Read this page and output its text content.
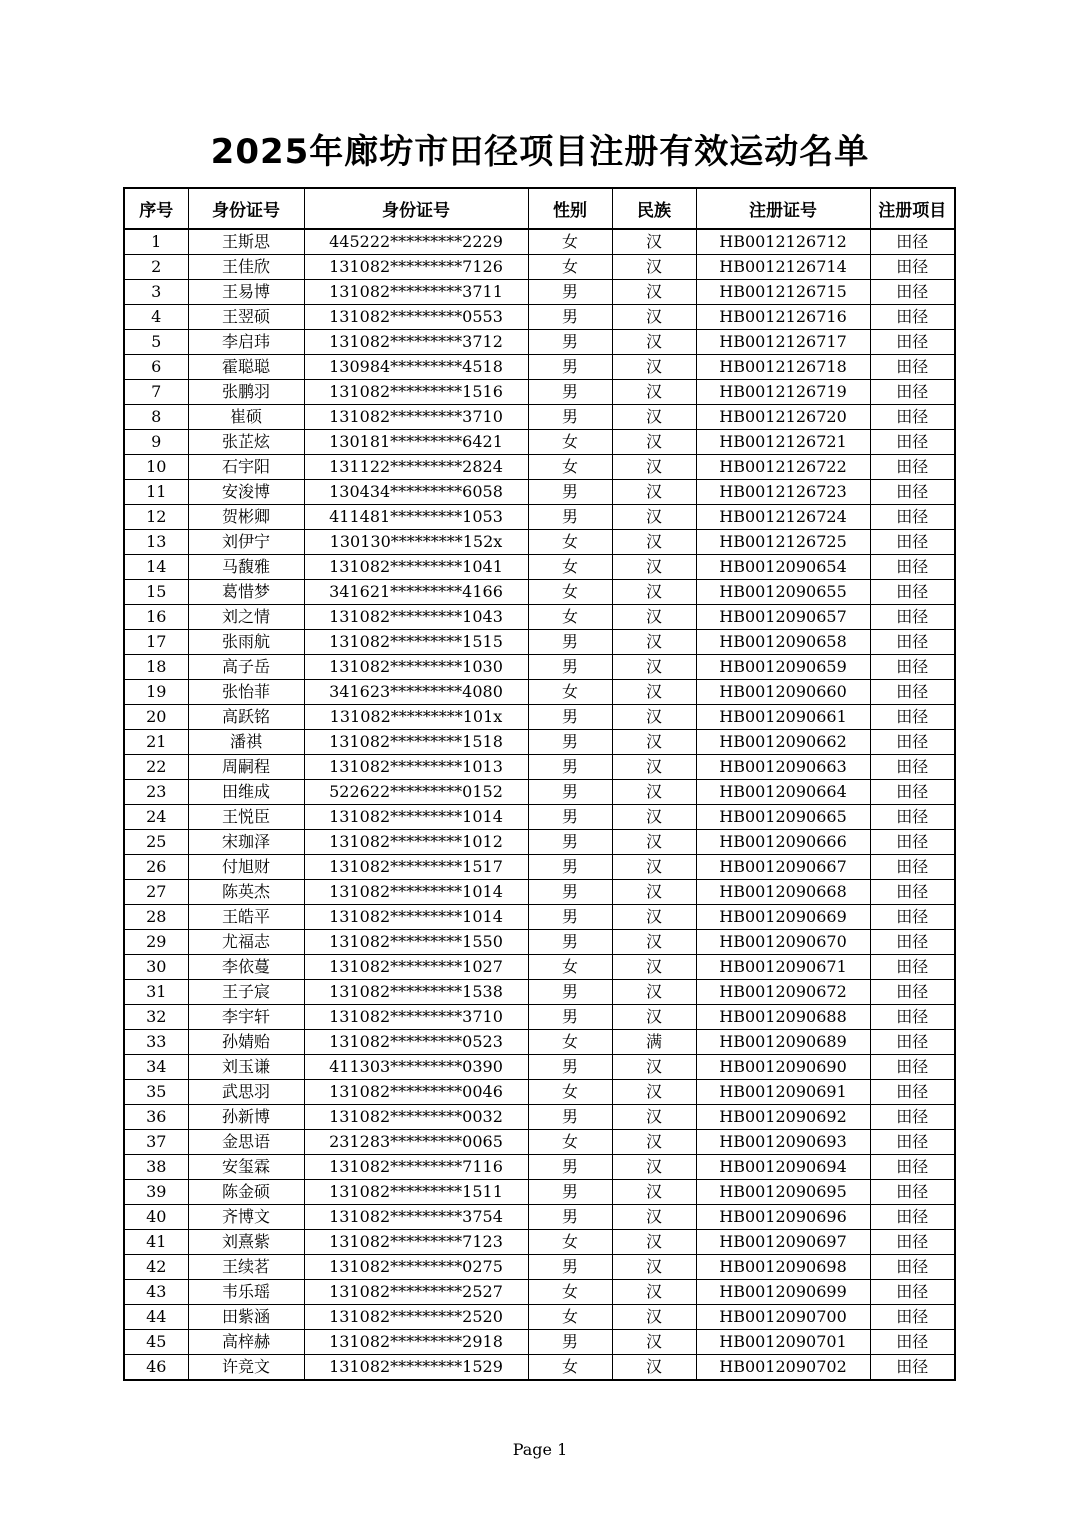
2025年廊坊市田径项目注册有效运动名单
序号	身份证号	身份证号	性别	民族	注册证号	注册项目
1	王斯思	445222*********2229	女	汉	HB0012126712	田径
2	王佳欣	131082*********7126	女	汉	HB0012126714	田径
3	王易博	131082*********3711	男	汉	HB0012126715	田径
4	王翌硕	131082*********0553	男	汉	HB0012126716	田径
5	李启玮	131082*********3712	男	汉	HB0012126717	田径
6	霍聪聪	130984*********4518	男	汉	HB0012126718	田径
7	张鹏羽	131082*********1516	男	汉	HB0012126719	田径
8	崔硕	131082*********3710	男	汉	HB0012126720	田径
9	张芷炫	130181*********6421	女	汉	HB0012126721	田径
10	石宇阳	131122*********2824	女	汉	HB0012126722	田径
11	安浚博	130434*********6058	男	汉	HB0012126723	田径
12	贺彬卿	411481*********1053	男	汉	HB0012126724	田径
13	刘伊宁	130130*********152x	女	汉	HB0012126725	田径
14	马馥雅	131082*********1041	女	汉	HB0012090654	田径
15	葛惜梦	341621*********4166	女	汉	HB0012090655	田径
16	刘之情	131082*********1043	女	汉	HB0012090657	田径
17	张雨航	131082*********1515	男	汉	HB0012090658	田径
18	高子岳	131082*********1030	男	汉	HB0012090659	田径
19	张怡菲	341623*********4080	女	汉	HB0012090660	田径
20	高跃铭	131082*********101x	男	汉	HB0012090661	田径
21	潘祺	131082*********1518	男	汉	HB0012090662	田径
22	周嗣程	131082*********1013	男	汉	HB0012090663	田径
23	田维成	522622*********0152	男	汉	HB0012090664	田径
24	王悦臣	131082*********1014	男	汉	HB0012090665	田径
25	宋珈泽	131082*********1012	男	汉	HB0012090666	田径
26	付旭财	131082*********1517	男	汉	HB0012090667	田径
27	陈英杰	131082*********1014	男	汉	HB0012090668	田径
28	王皓平	131082*********1014	男	汉	HB0012090669	田径
29	尤福志	131082*********1550	男	汉	HB0012090670	田径
30	李依蔓	131082*********1027	女	汉	HB0012090671	田径
31	王子宸	131082*********1538	男	汉	HB0012090672	田径
32	李宇轩	131082*********3710	男	汉	HB0012090688	田径
33	孙婧贻	131082*********0523	女	满	HB0012090689	田径
34	刘玉谦	411303*********0390	男	汉	HB0012090690	田径
35	武思羽	131082*********0046	女	汉	HB0012090691	田径
36	孙新博	131082*********0032	男	汉	HB0012090692	田径
37	金思语	231283*********0065	女	汉	HB0012090693	田径
38	安玺霖	131082*********7116	男	汉	HB0012090694	田径
39	陈金硕	131082*********1511	男	汉	HB0012090695	田径
40	齐博文	131082*********3754	男	汉	HB0012090696	田径
41	刘熹紫	131082*********7123	女	汉	HB0012090697	田径
42	王续茗	131082*********0275	男	汉	HB0012090698	田径
43	韦乐瑶	131082*********2527	女	汉	HB0012090699	田径
44	田紫涵	131082*********2520	女	汉	HB0012090700	田径
45	高梓赫	131082*********2918	男	汉	HB0012090701	田径
46	许竞文	131082*********1529	女	汉	HB0012090702	田径
Page 1
